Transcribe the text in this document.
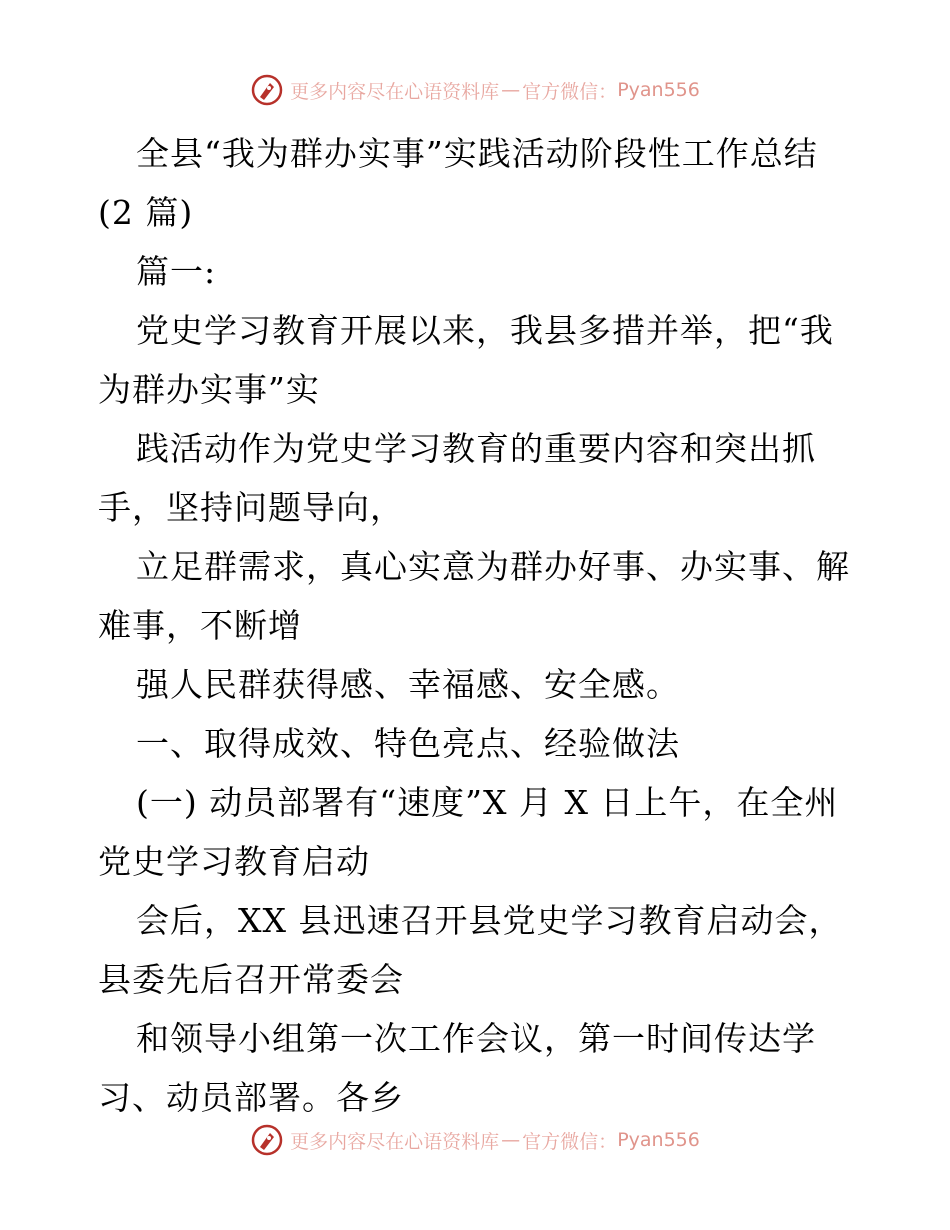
更多内容尽在心语资料库 — 官方微信： Pyan556
全县“我为群办实事”实践活动阶段性工作总结
(2 篇)
篇一:
党史学习教育开展以来，我县多措并举，把“我
为群办实事”实
践活动作为党史学习教育的重要内容和突出抓
手，坚持问题导向，
立足群需求，真心实意为群办好事、办实事、解
难事，不断增
强人民群获得感、幸福感、安全感。
一、取得成效、特色亮点、经验做法
(一) 动员部署有“速度”X 月 X 日上午，在全州
党史学习教育启动
会后，XX 县迅速召开县党史学习教育启动会，
县委先后召开常委会
和领导小组第一次工作会议，第一时间传达学
习、动员部署。各乡
更多内容尽在心语资料库 — 官方微信： Pyan556
